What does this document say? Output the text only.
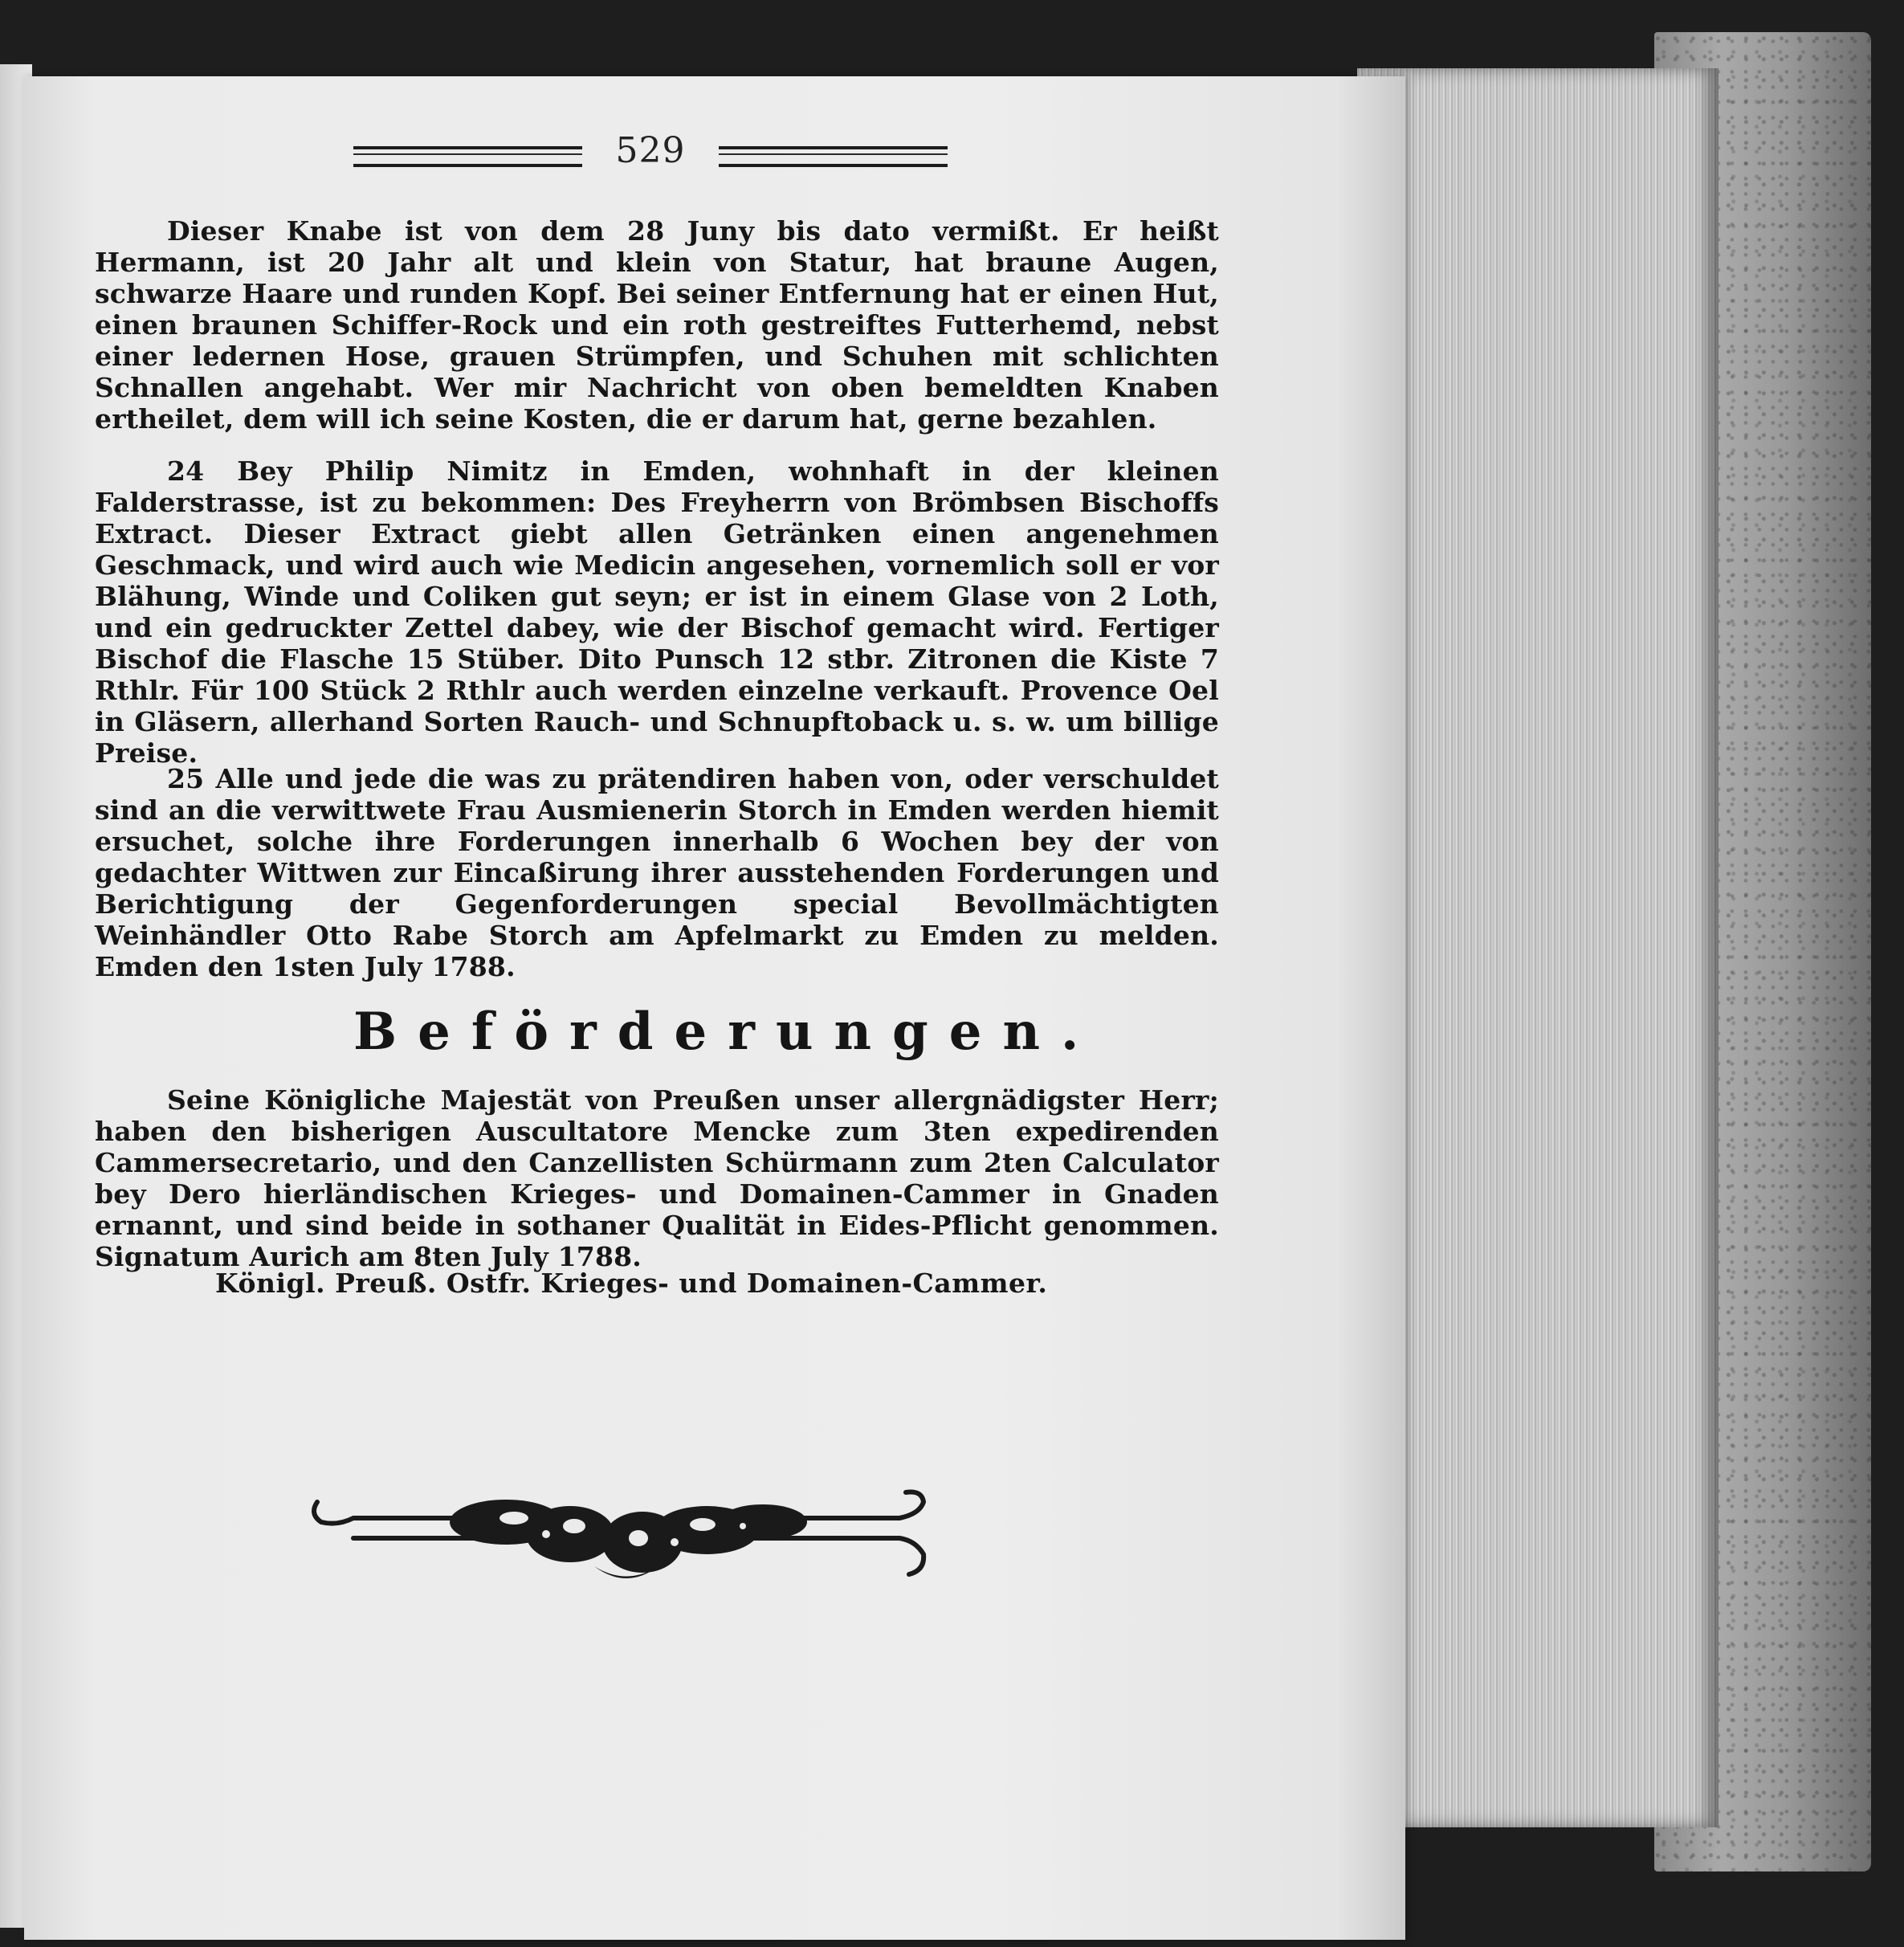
529
Dieser Knabe ist von dem 28 Juny bis dato vermißt. Er heißt Hermann, ist 20 Jahr alt und klein von Statur, hat braune Augen, schwarze Haare und runden Kopf. Bei seiner Entfernung hat er einen Hut, einen braunen Schiffer-Rock und ein roth gestreiftes Futterhemd, nebst einer ledernen Hose, grauen Strümpfen, und Schuhen mit schlichten Schnallen angehabt. Wer mir Nachricht von oben bemeldten Knaben ertheilet, dem will ich seine Kosten, die er darum hat, gerne bezahlen.
24 Bey Philip Nimitz in Emden, wohnhaft in der kleinen Falderstrasse, ist zu bekommen: Des Freyherrn von Brömbsen Bischoffs Extract. Dieser Extract giebt allen Getränken einen angenehmen Geschmack, und wird auch wie Medicin angesehen, vornemlich soll er vor Blähung, Winde und Coliken gut seyn; er ist in einem Glase von 2 Loth, und ein gedruckter Zettel dabey, wie der Bischof gemacht wird. Fertiger Bischof die Flasche 15 Stüber. Dito Punsch 12 stbr. Zitronen die Kiste 7 Rthlr. Für 100 Stück 2 Rthlr auch werden einzelne verkauft. Provence Oel in Gläsern, allerhand Sorten Rauch- und Schnupftoback u. s. w. um billige Preise.
25 Alle und jede die was zu prätendiren haben von, oder verschuldet sind an die verwittwete Frau Ausmienerin Storch in Emden werden hiemit ersuchet, solche ihre Forderungen innerhalb 6 Wochen bey der von gedachter Wittwen zur Eincaßirung ihrer ausstehenden Forderungen und Berichtigung der Gegenforderungen special Bevollmächtigten Weinhändler Otto Rabe Storch am Apfelmarkt zu Emden zu melden. Emden den 1sten July 1788.
Beförderungen.
Seine Königliche Majestät von Preußen unser allergnädigster Herr; haben den bisherigen Auscultatore Mencke zum 3ten expedirenden Cammersecretario, und den Canzellisten Schürmann zum 2ten Calculator bey Dero hierländischen Krieges- und Domainen-Cammer in Gnaden ernannt, und sind beide in sothaner Qualität in Eides-Pflicht genommen. Signatum Aurich am 8ten July 1788.
Königl. Preuß. Ostfr. Krieges- und Domainen-Cammer.
